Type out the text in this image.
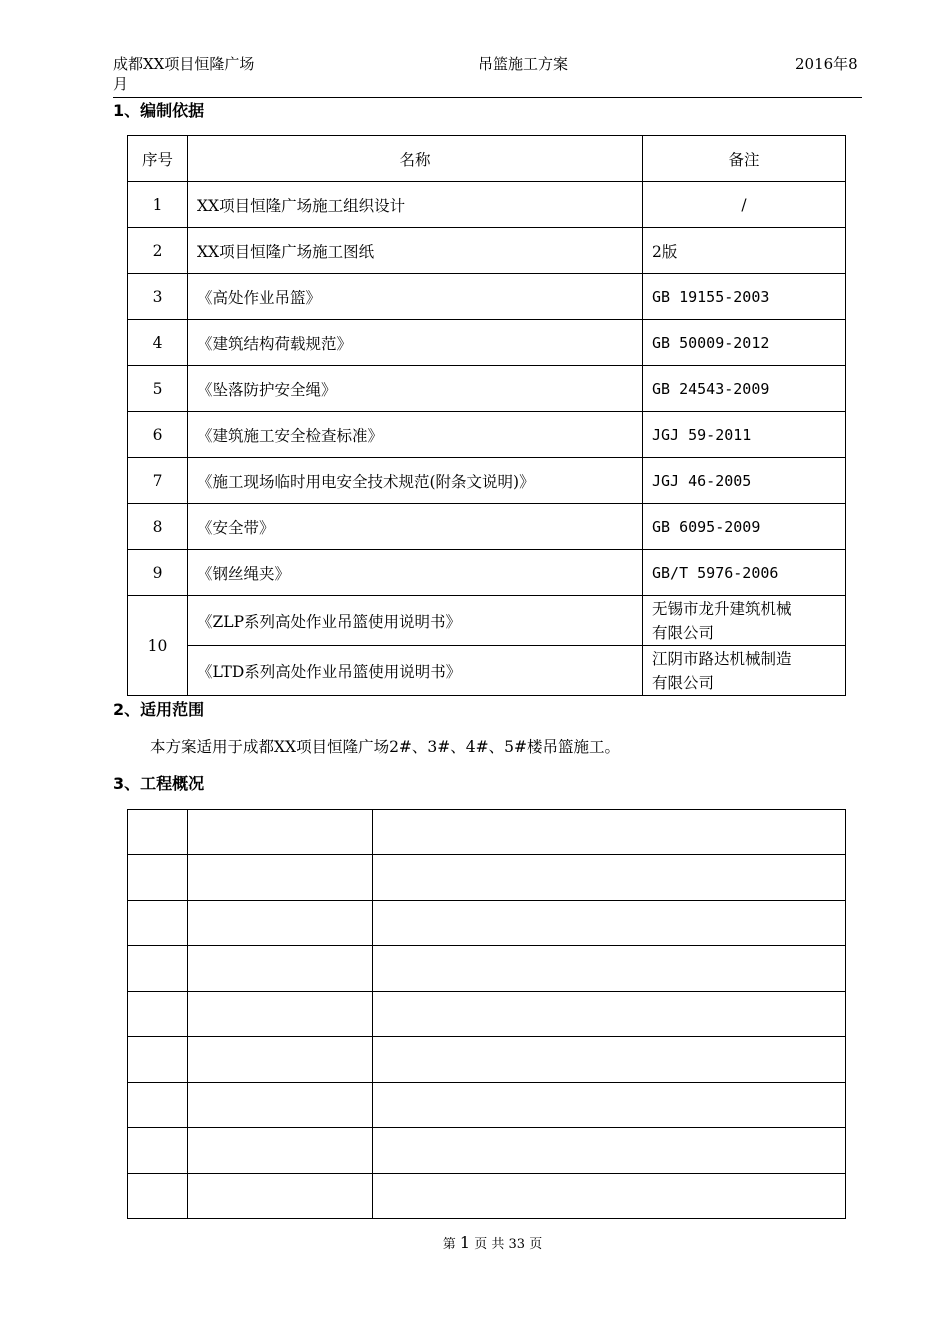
成都XX项目恒隆广场
月
吊篮施工方案	2016年8
1、编制依据
序号	名称	备注
1	XX项目恒隆广场施工组织设计	/
2	XX项目恒隆广场施工图纸	2版
3	《高处作业吊篮》	GB 19155-2003
4	《建筑结构荷载规范》	GB 50009-2012
5	《坠落防护安全绳》	GB 24543-2009
6	《建筑施工安全检查标准》	JGJ 59-2011
7	《施工现场临时用电安全技术规范(附条文说明)》	JGJ 46-2005
8	《安全带》	GB 6095-2009
9	《钢丝绳夹》	GB/T 5976-2006
10	《ZLP系列高处作业吊篮使用说明书》	无锡市龙升建筑机械
有限公司

	《LTD系列高处作业吊篮使用说明书》	江阴市路达机械制造
有限公司
2、适用范围
本方案适用于成都XX项目恒隆广场2#、3#、4#、5#楼吊篮施工。
3、工程概况

第 1 页 共 33 页
